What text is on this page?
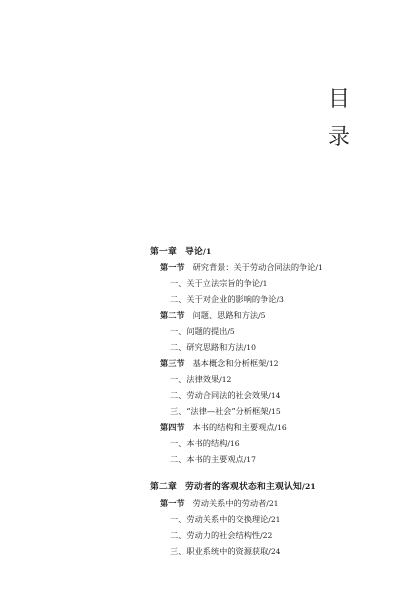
目
录
第一章 导论/1
第一节 研究背景：关于劳动合同法的争论/1
一、关于立法宗旨的争论/1
二、关于对企业的影响的争论/3
第二节 问题、思路和方法/5
一、问题的提出/5
二、研究思路和方法/10
第三节 基本概念和分析框架/12
一、法律效果/12
二、劳动合同法的社会效果/14
三、“法律—社会”分析框架/15
第四节 本书的结构和主要观点/16
一、本书的结构/16
二、本书的主要观点/17
第二章 劳动者的客观状态和主观认知/21
第一节 劳动关系中的劳动者/21
一、劳动关系中的交换理论/21
二、劳动力的社会结构性/22
三、职业系统中的资源获取/24
